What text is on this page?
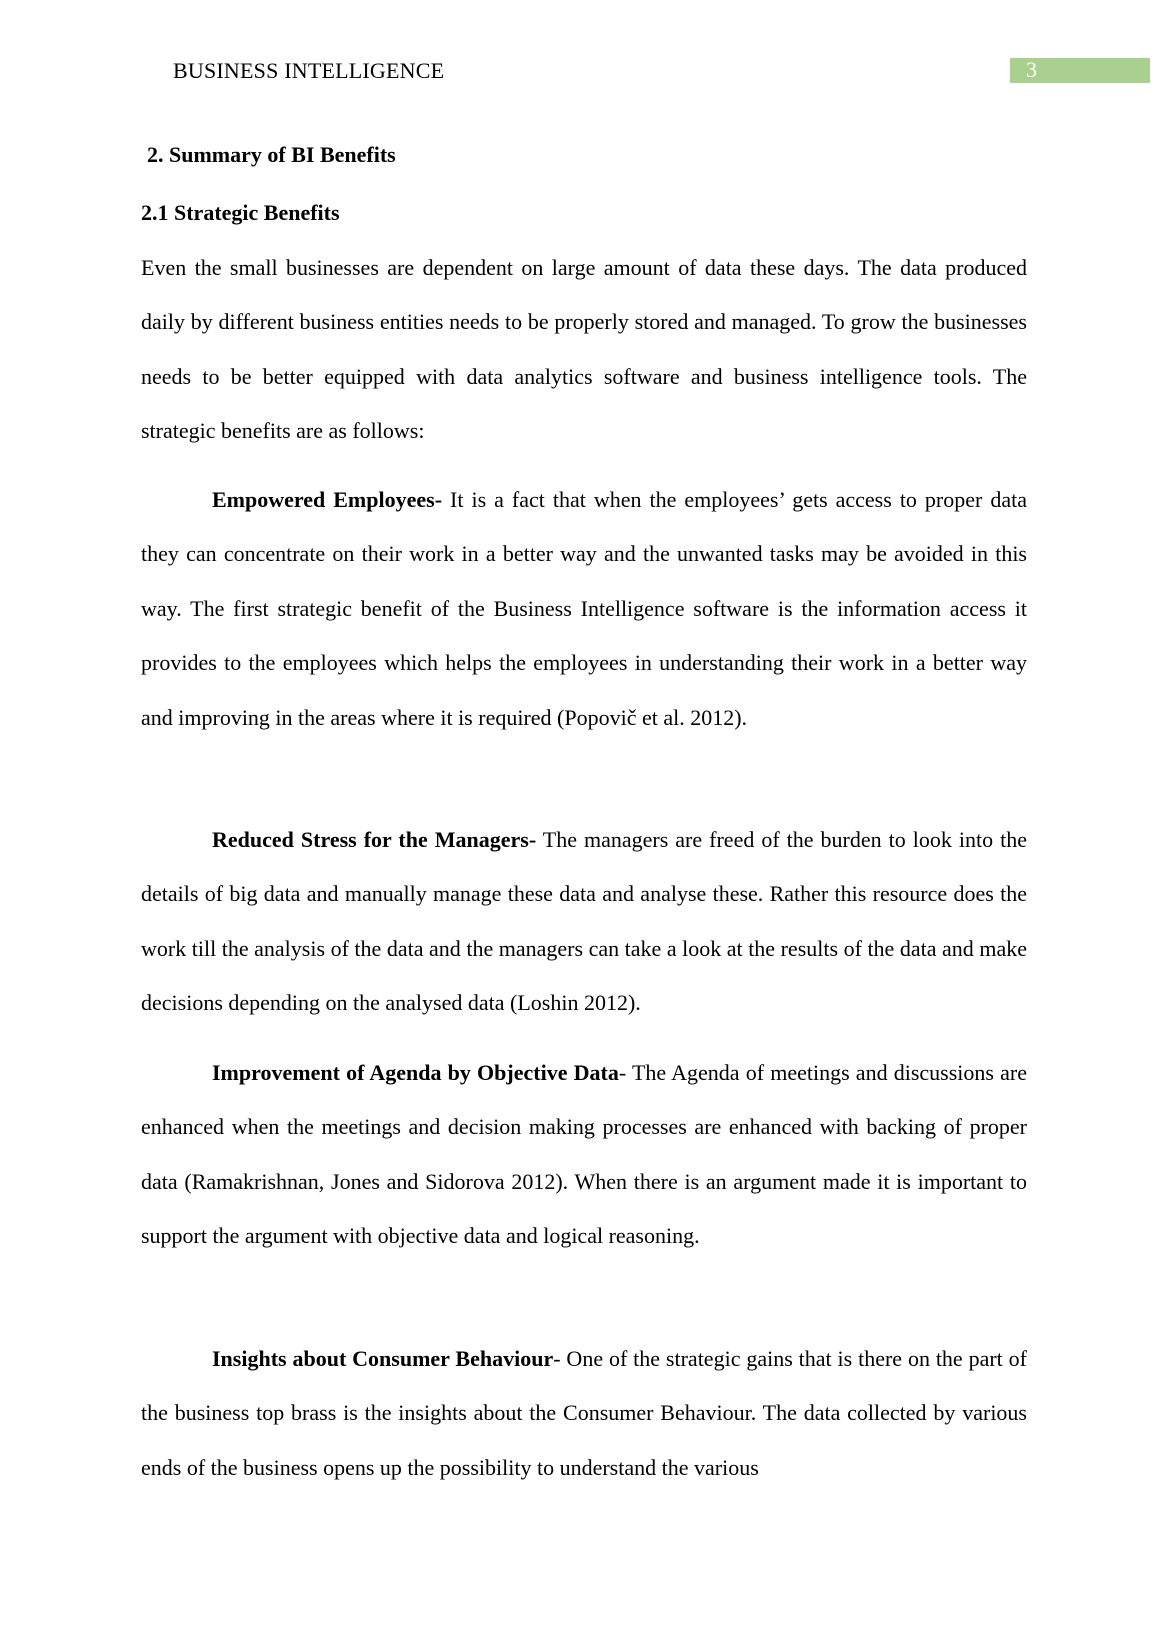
BUSINESS INTELLIGENCE	3
2. Summary of BI Benefits
2.1 Strategic Benefits

Even the small businesses are dependent on large amount of data these days. The data produced daily by different business entities needs to be properly stored and managed. To grow the businesses needs to be better equipped with data analytics software and business intelligence tools. The strategic benefits are as follows:

Empowered Employees- It is a fact that when the employees’ gets access to proper data they can concentrate on their work in a better way and the unwanted tasks may be avoided in this way. The first strategic benefit of the Business Intelligence software is the information access it provides to the employees which helps the employees in understanding their work in a better way and improving in the areas where it is required (Popovič et al. 2012).

Reduced Stress for the Managers- The managers are freed of the burden to look into the details of big data and manually manage these data and analyse these. Rather this resource does the work till the analysis of the data and the managers can take a look at the results of the data and make decisions depending on the analysed data (Loshin 2012).

Improvement of Agenda by Objective Data- The Agenda of meetings and discussions are enhanced when the meetings and decision making processes are enhanced with backing of proper data (Ramakrishnan, Jones and Sidorova 2012). When there is an argument made it is important to support the argument with objective data and logical reasoning.

Insights about Consumer Behaviour- One of the strategic gains that is there on the part of the business top brass is the insights about the Consumer Behaviour. The data collected by various ends of the business opens up the possibility to understand the various
